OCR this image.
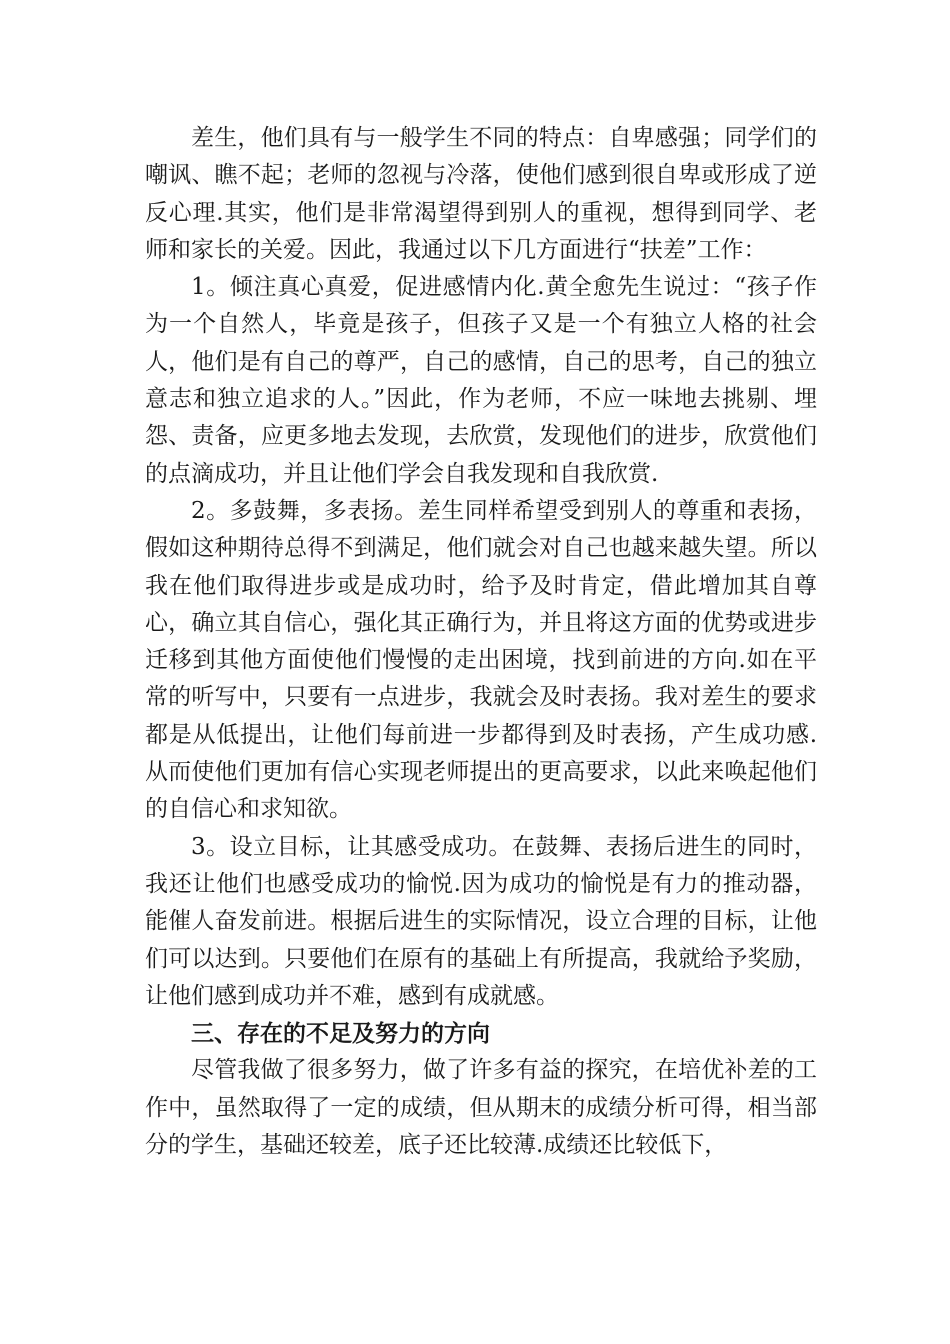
差生，他们具有与一般学生不同的特点：自卑感强；同学们的嘲讽、瞧不起；老师的忽视与冷落，使他们感到很自卑或形成了逆反心理.其实，他们是非常渴望得到别人的重视，想得到同学、老师和家长的关爱。因此，我通过以下几方面进行“扶差”工作：

1。倾注真心真爱，促进感情内化.黄全愈先生说过：“孩子作为一个自然人，毕竟是孩子，但孩子又是一个有独立人格的社会人，他们是有自己的尊严，自己的感情，自己的思考，自己的独立意志和独立追求的人。”因此，作为老师，不应一味地去挑剔、埋怨、责备，应更多地去发现，去欣赏，发现他们的进步，欣赏他们的点滴成功，并且让他们学会自我发现和自我欣赏.

2。多鼓舞，多表扬。差生同样希望受到别人的尊重和表扬，假如这种期待总得不到满足，他们就会对自己也越来越失望。所以我在他们取得进步或是成功时，给予及时肯定，借此增加其自尊心，确立其自信心，强化其正确行为，并且将这方面的优势或进步迁移到其他方面使他们慢慢的走出困境，找到前进的方向.如在平常的听写中，只要有一点进步，我就会及时表扬。我对差生的要求都是从低提出，让他们每前进一步都得到及时表扬，产生成功感.从而使他们更加有信心实现老师提出的更高要求，以此来唤起他们的自信心和求知欲。

3。设立目标，让其感受成功。在鼓舞、表扬后进生的同时，我还让他们也感受成功的愉悦.因为成功的愉悦是有力的推动器，能催人奋发前进。根据后进生的实际情况，设立合理的目标，让他们可以达到。只要他们在原有的基础上有所提高，我就给予奖励，让他们感到成功并不难，感到有成就感。

三、存在的不足及努力的方向

尽管我做了很多努力，做了许多有益的探究，在培优补差的工作中，虽然取得了一定的成绩，但从期末的成绩分析可得，相当部分的学生，基础还较差，底子还比较薄.成绩还比较低下，
